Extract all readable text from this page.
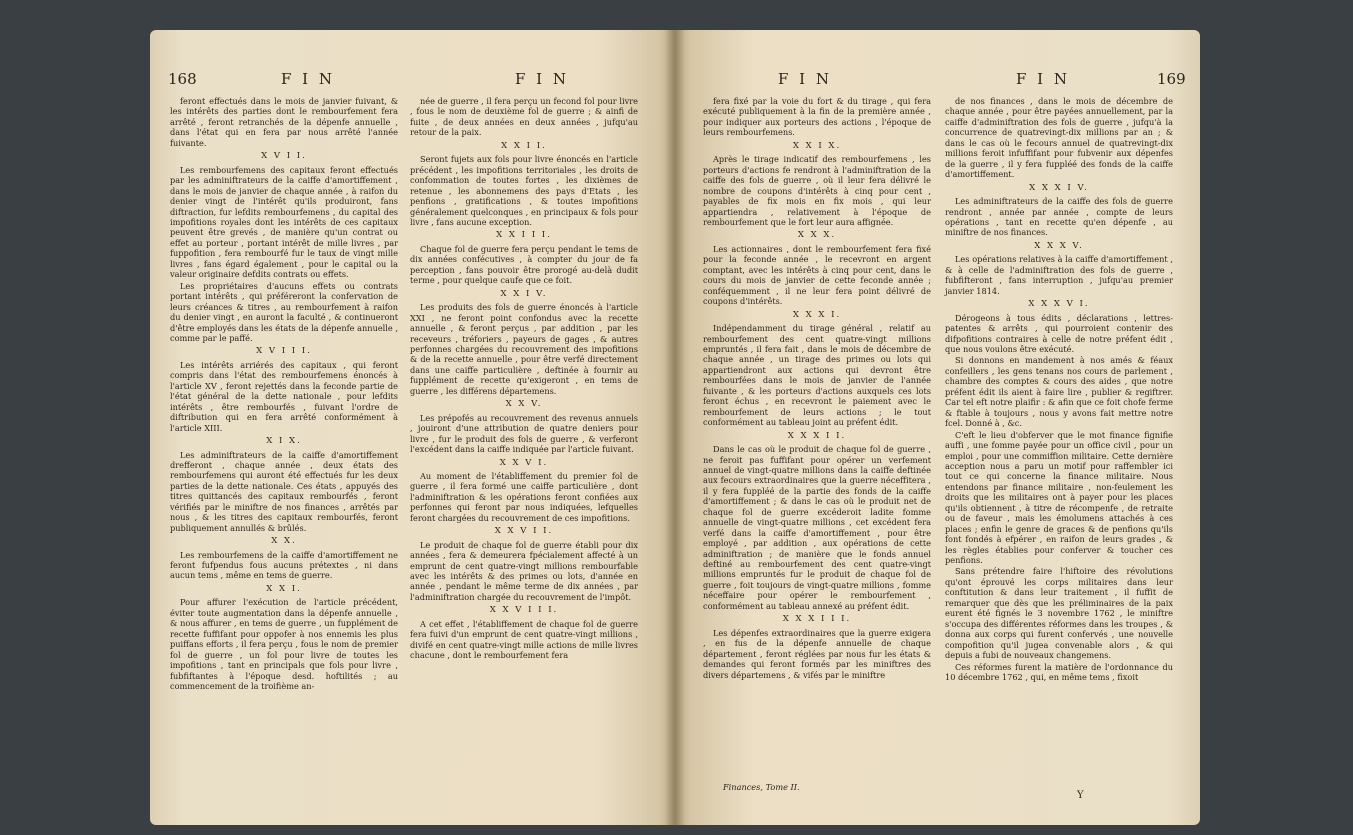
168	F I N	F I N

feront effectués dans le mois de janvier fuivant, & les intérêts des parties dont le rembourfement fera arrêté , feront retranchés de la dépenfe annuelle , dans l'état qui en fera par nous arrêté l'année fuivante.

X V I I.

Les rembourfemens des capitaux feront effectués par les adminiftrateurs de la caiffe d'amortiffement , dans le mois de janvier de chaque année , à raifon du denier vingt de l'intérêt qu'ils produiront, fans diftraction, fur lefdits rembourfemens , du capital des impofitions royales dont les intérêts de ces capitaux peuvent être grevés , de manière qu'un contrat ou effet au porteur , portant intérêt de mille livres , par fuppofition , fera rembourfé fur le taux de vingt mille livres , fans égard également , pour le capital ou la valeur originaire defdits contrats ou effets.

Les propriétaires d'aucuns effets ou contrats portant intérêts , qui préféreront la confervation de leurs créances & titres , au rembourfement à raifon du denier vingt , en auront la faculté , & continueront d'être employés dans les états de la dépenfe annuelle , comme par le paffé.

X V I I I.

Les intérêts arriérés des capitaux , qui feront compris dans l'état des rembourfemens énoncés à l'article XV , feront rejettés dans la feconde partie de l'état général de la dette nationale , pour lefdits intérêts , être rembourfés , fuivant l'ordre de diftribution qui en fera arrêté conformément à l'article XIII.

X I X.

Les adminiftrateurs de la caiffe d'amortiffement drefferont , chaque année , deux états des rembourfemens qui auront été effectués fur les deux parties de la dette nationale. Ces états , appuyés des titres quittancés des capitaux rembourfés , feront vérifiés par le miniftre de nos finances , arrêtés par nous , & les titres des capitaux rembourfés, feront publiquement annullés & brûlés.

X X.

Les rembourfemens de la caiffe d'amortiffement ne feront fufpendus fous aucuns prétextes , ni dans aucun tems , même en tems de guerre.

X X I.

Pour affurer l'exécution de l'article précédent, éviter toute augmentation dans la dépenfe annuelle , & nous affurer , en tems de guerre , un fupplément de recette fuffifant pour oppofer à nos ennemis les plus puiffans efforts , il fera perçu , fous le nom de premier fol de guerre , un fol pour livre de toutes les impofitions , tant en principals que fols pour livre , fubfiftantes à l'époque desd. hoftilités ; au commencement de la troifième an-

née de guerre , il fera perçu un fecond fol pour livre , fous le nom de deuxième fol de guerre ; & ainfi de fuite , de deux années en deux années , jufqu'au retour de la paix.

X X I I.

Seront fujets aux fols pour livre énoncés en l'article précédent , les impofitions territoriales , les droits de confommation de toutes fortes , les dixièmes de retenue , les abonnemens des pays d'Etats , les penfions , gratifications , & toutes impofitions généralement quelconques , en principaux & fols pour livre , fans aucune exception.

X X I I I.

Chaque fol de guerre fera perçu pendant le tems de dix années confécutives , à compter du jour de fa perception , fans pouvoir être prorogé au-delà dudit terme , pour quelque caufe que ce foit.

X X I V.

Les produits des fols de guerre énoncés à l'article XXI , ne feront point confondus avec la recette annuelle , & feront perçus , par addition , par les receveurs , tréforiers , payeurs de gages , & autres perfonnes chargées du recouvrement des impofitions & de la recette annuelle , pour être verfé directement dans une caiffe particulière , deftinée à fournir au fupplément de recette qu'exigeront , en tems de guerre , les différens départemens.

X X V.

Les prépofés au recouvrement des revenus annuels , jouiront d'une attribution de quatre deniers pour livre , fur le produit des fols de guerre , & verferont l'excédent dans la caiffe indiquée par l'article fuivant.

X X V I.

Au moment de l'établiffement du premier fol de guerre , il fera formé une caiffe particulière , dont l'adminiftration & les opérations feront confiées aux perfonnes qui feront par nous indiquées, lefquelles feront chargées du recouvrement de ces impofitions.

X X V I I.

Le produit de chaque fol de guerre établi pour dix années , fera & demeurera fpécialement affecté à un emprunt de cent quatre-vingt millions rembourfable avec les intérêts & des primes ou lots, d'année en année , pendant le même terme de dix années , par l'adminiftration chargée du recouvrement de l'impôt.

X X V I I I.

A cet effet , l'établiffement de chaque fol de guerre fera fuivi d'un emprunt de cent quatre-vingt millions , divifé en cent quatre-vingt mille actions de mille livres chacune , dont le rembourfement fera

F I N	F I N	169

fera fixé par la voie du fort & du tirage , qui fera exécuté publiquement à la fin de la première année , pour indiquer aux porteurs des actions , l'époque de leurs rembourfemens.

X X I X.

Après le tirage indicatif des rembourfemens , les porteurs d'actions fe rendront à l'adminiftration de la caiffe des fols de guerre , où il leur fera délivré le nombre de coupons d'intérêts à cinq pour cent , payables de fix mois en fix mois , qui leur appartiendra , relativement à l'époque de rembourfement que le fort leur aura affignée.

X X X.

Les actionnaires , dont le rembourfement fera fixé pour la feconde année , le recevront en argent comptant, avec les intérêts à cinq pour cent, dans le cours du mois de janvier de cette feconde année ; conféquemment , il ne leur fera point délivré de coupons d'intérêts.

X X X I.

Indépendamment du tirage général , relatif au rembourfement des cent quatre-vingt millions empruntés , il fera fait , dans le mois de décembre de chaque année , un tirage des primes ou lots qui appartiendront aux actions qui devront être rembourfées dans le mois de janvier de l'année fuivante , & les porteurs d'actions auxquels ces lots feront échus , en recevront le paiement avec le rembourfement de leurs actions ; le tout conformément au tableau joint au préfent édit.

X X X I I.

Dans le cas où le produit de chaque fol de guerre , ne feroit pas fuffifant pour opérer un verfement annuel de vingt-quatre millions dans la caiffe deftinée aux fecours extraordinaires que la guerre néceffitera , il y fera fuppléé de la partie des fonds de la caiffe d'amortiffement ; & dans le cas où le produit net de chaque fol de guerre excéderoit ladite fomme annuelle de vingt-quatre millions , cet excédent fera verfé dans la caiffe d'amortiffement , pour être employé , par addition , aux opérations de cette adminiftration ; de manière que le fonds annuel deftiné au rembourfement des cent quatre-vingt millions empruntés fur le produit de chaque fol de guerre , foit toujours de vingt-quatre millions , fomme néceffaire pour opérer le rembourfement , conformément au tableau annexé au préfent édit.

X X X I I I.

Les dépenfes extraordinaires que la guerre exigera , en fus de la dépenfe annuelle de chaque département , feront réglées par nous fur les états & demandes qui feront formés par les miniftres des divers départemens , & vifés par le miniftre

de nos finances , dans le mois de décembre de chaque année , pour être payées annuellement, par la caiffe d'adminiftration des fols de guerre , jufqu'à la concurrence de quatrevingt-dix millions par an ; & dans le cas où le fecours annuel de quatrevingt-dix millions feroit infuffifant pour fubvenir aux dépenfes de la guerre , il y fera fuppléé des fonds de la caiffe d'amortiffement.

X X X I V.

Les adminiftrateurs de la caiffe des fols de guerre rendront , année par année , compte de leurs opérations , tant en recette qu'en dépenfe , au miniftre de nos finances.

X X X V.

Les opérations relatives à la caiffe d'amortiffement , & à celle de l'adminiftration des fols de guerre , fubfifteront , fans interruption , jufqu'au premier janvier 1814.

X X X V I.

Dérogeons à tous édits , déclarations , lettres-patentes & arrêts , qui pourroient contenir des difpofitions contraires à celle de notre préfent édit , que nous voulons être exécuté.

Si donnons en mandement à nos amés & féaux confeillers , les gens tenans nos cours de parlement , chambre des comptes & cours des aides , que notre préfent édit ils aient à faire lire , publier & regiftrer. Car tel eft notre plaifir : & afin que ce foit chofe ferme & ftable à toujours , nous y avons fait mettre notre fcel. Donné à , &c.

C'eft le lieu d'obferver que le mot finance fignifie auffi , une fomme payée pour un office civil , pour un emploi , pour une commiffion militaire. Cette dernière acception nous a paru un motif pour raffembler ici tout ce qui concerne la finance militaire. Nous entendons par finance militaire , non-feulement les droits que les militaires ont à payer pour les places qu'ils obtiennent , à titre de récompenfe , de retraite ou de faveur , mais les émolumens attachés à ces places ; enfin le genre de graces & de penfions qu'ils font fondés à efpérer , en raifon de leurs grades , & les règles établies pour conferver & toucher ces penfions.

Sans prétendre faire l'hiftoire des révolutions qu'ont éprouvé les corps militaires dans leur conftitution & dans leur traitement , il fuffit de remarquer que dès que les préliminaires de la paix eurent été fignés le 3 novembre 1762 , le miniftre s'occupa des différentes réformes dans les troupes , & donna aux corps qui furent confervés , une nouvelle compofition qu'il jugea convenable alors , & qui depuis a fubi de nouveaux changemens.

Ces réformes furent la matière de l'ordonnance du 10 décembre 1762 , qui, en même tems , fixoit

Finances, Tome II.
Y
